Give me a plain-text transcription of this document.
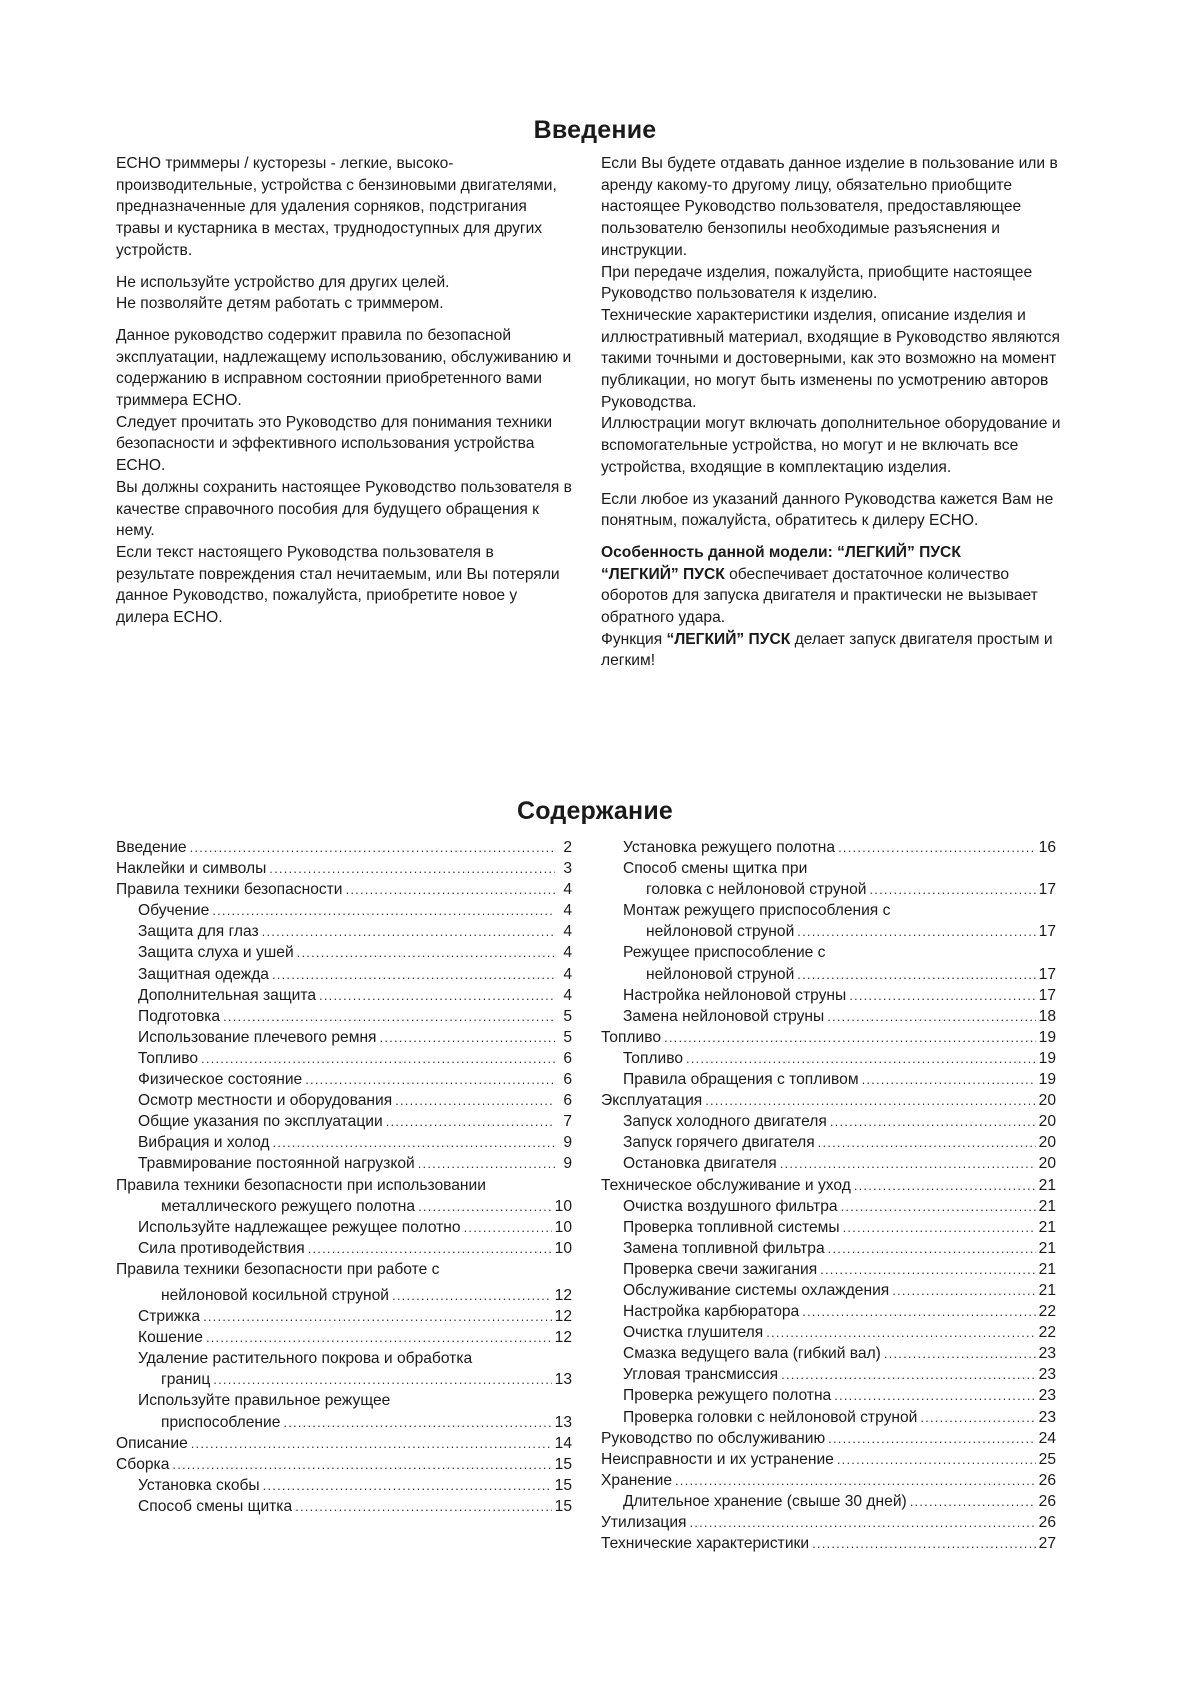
Введение

ECHO триммеры / кусторезы - легкие, высоко-производительные, устройства с бензиновыми двигателями, предназначенные для удаления сорняков, подстригания травы и кустарника в местах, труднодоступных для других устройств.

Не используйте устройство для других целей.

Не позволяйте детям работать с триммером.

Данное руководство содержит правила по безопасной эксплуатации, надлежащему использованию, обслуживанию и содержанию в исправном состоянии приобретенного вами триммера ECHO.

Следует прочитать это Руководство для понимания техники безопасности и эффективного использования устройства ECHO.

Вы должны сохранить настоящее Руководство пользователя в качестве справочного пособия для будущего обращения к нему.

Если текст настоящего Руководства пользователя в результате повреждения стал нечитаемым, или Вы потеряли данное Руководство, пожалуйста, приобретите новое у дилера ECHO.

Если Вы будете отдавать данное изделие в пользование или в аренду какому-то другому лицу, обязательно приобщите настоящее Руководство пользователя, предоставляющее пользователю бензопилы необходимые разъяснения и инструкции.

При передаче изделия, пожалуйста, приобщите настоящее Руководство пользователя к изделию.

Технические характеристики изделия, описание изделия и иллюстративный материал, входящие в Руководство являются такими точными и достоверными, как это возможно на момент публикации, но могут быть изменены по усмотрению авторов Руководства.

Иллюстрации могут включать дополнительное оборудование и вспомогательные устройства, но могут и не включать все устройства, входящие в комплектацию изделия.

Если любое из указаний данного Руководства кажется Вам не понятным, пожалуйста, обратитесь к дилеру ECHO.

Особенность данной модели: “ЛЕГКИЙ” ПУСК
“ЛЕГКИЙ” ПУСК обеспечивает достаточное количество оборотов для запуска двигателя и практически не вызывает обратного удара.
Функция “ЛЕГКИЙ” ПУСК делает запуск двигателя простым и легким!

Содержание
Введение .....	2
Наклейки и символы .....	3
Правила техники безопасности .....	4
Обучение .....	4
Защита для глаз .....	4
Защита слуха и ушей .....	4
Защитная одежда .....	4
Дополнительная защита .....	4
Подготовка .....	5
Использование плечевого ремня .....	5
Топливо .....	6
Физическое состояние .....	6
Осмотр местности и оборудования .....	6
Общие указания по эксплуатации .....	7
Вибрация и холод .....	9
Травмирование постоянной нагрузкой .....	9
Правила техники безопасности при использовании
металлического режущего полотна .....	10
Используйте надлежащее режущее полотно .....	10
Сила противодействия .....	10
Правила техники безопасности при работе с
нейлоновой косильной струной .....	12
Стрижка .....	12
Кошение .....	12
Удаление растительного покрова и обработка
границ .....	13
Используйте правильное режущее
приспособление .....	13
Описание .....	14
Сборка .....	15
Установка скобы .....	15
Способ смены щитка .....	15
Установка режущего полотна .....	16
Способ смены щитка при
головка с нейлоновой струной .....	17
Монтаж режущего приспособления с
нейлоновой струной .....	17
Режущее приспособление с
нейлоновой струной .....	17
Настройка нейлоновой струны .....	17
Замена нейлоновой струны .....	18
Топливо .....	19
Топливо .....	19
Правила обращения с топливом .....	19
Эксплуатация .....	20
Запуск холодного двигателя .....	20
Запуск горячего двигателя .....	20
Остановка двигателя .....	20
Техническое обслуживание и уход .....	21
Очистка воздушного фильтра .....	21
Проверка топливной системы .....	21
Замена топливной фильтра .....	21
Проверка свечи зажигания .....	21
Обслуживание системы охлаждения .....	21
Настройка карбюратора .....	22
Очистка глушителя .....	22
Смазка ведущего вала (гибкий вал) .....	23
Угловая трансмиссия .....	23
Проверка режущего полотна .....	23
Проверка головки с нейлоновой струной .....	23
Руководство по обслуживанию .....	24
Неисправности и их устранение .....	25
Хранение .....	26
Длительное хранение (свыше 30 дней) .....	26
Утилизация .....	26
Технические характеристики .....	27
